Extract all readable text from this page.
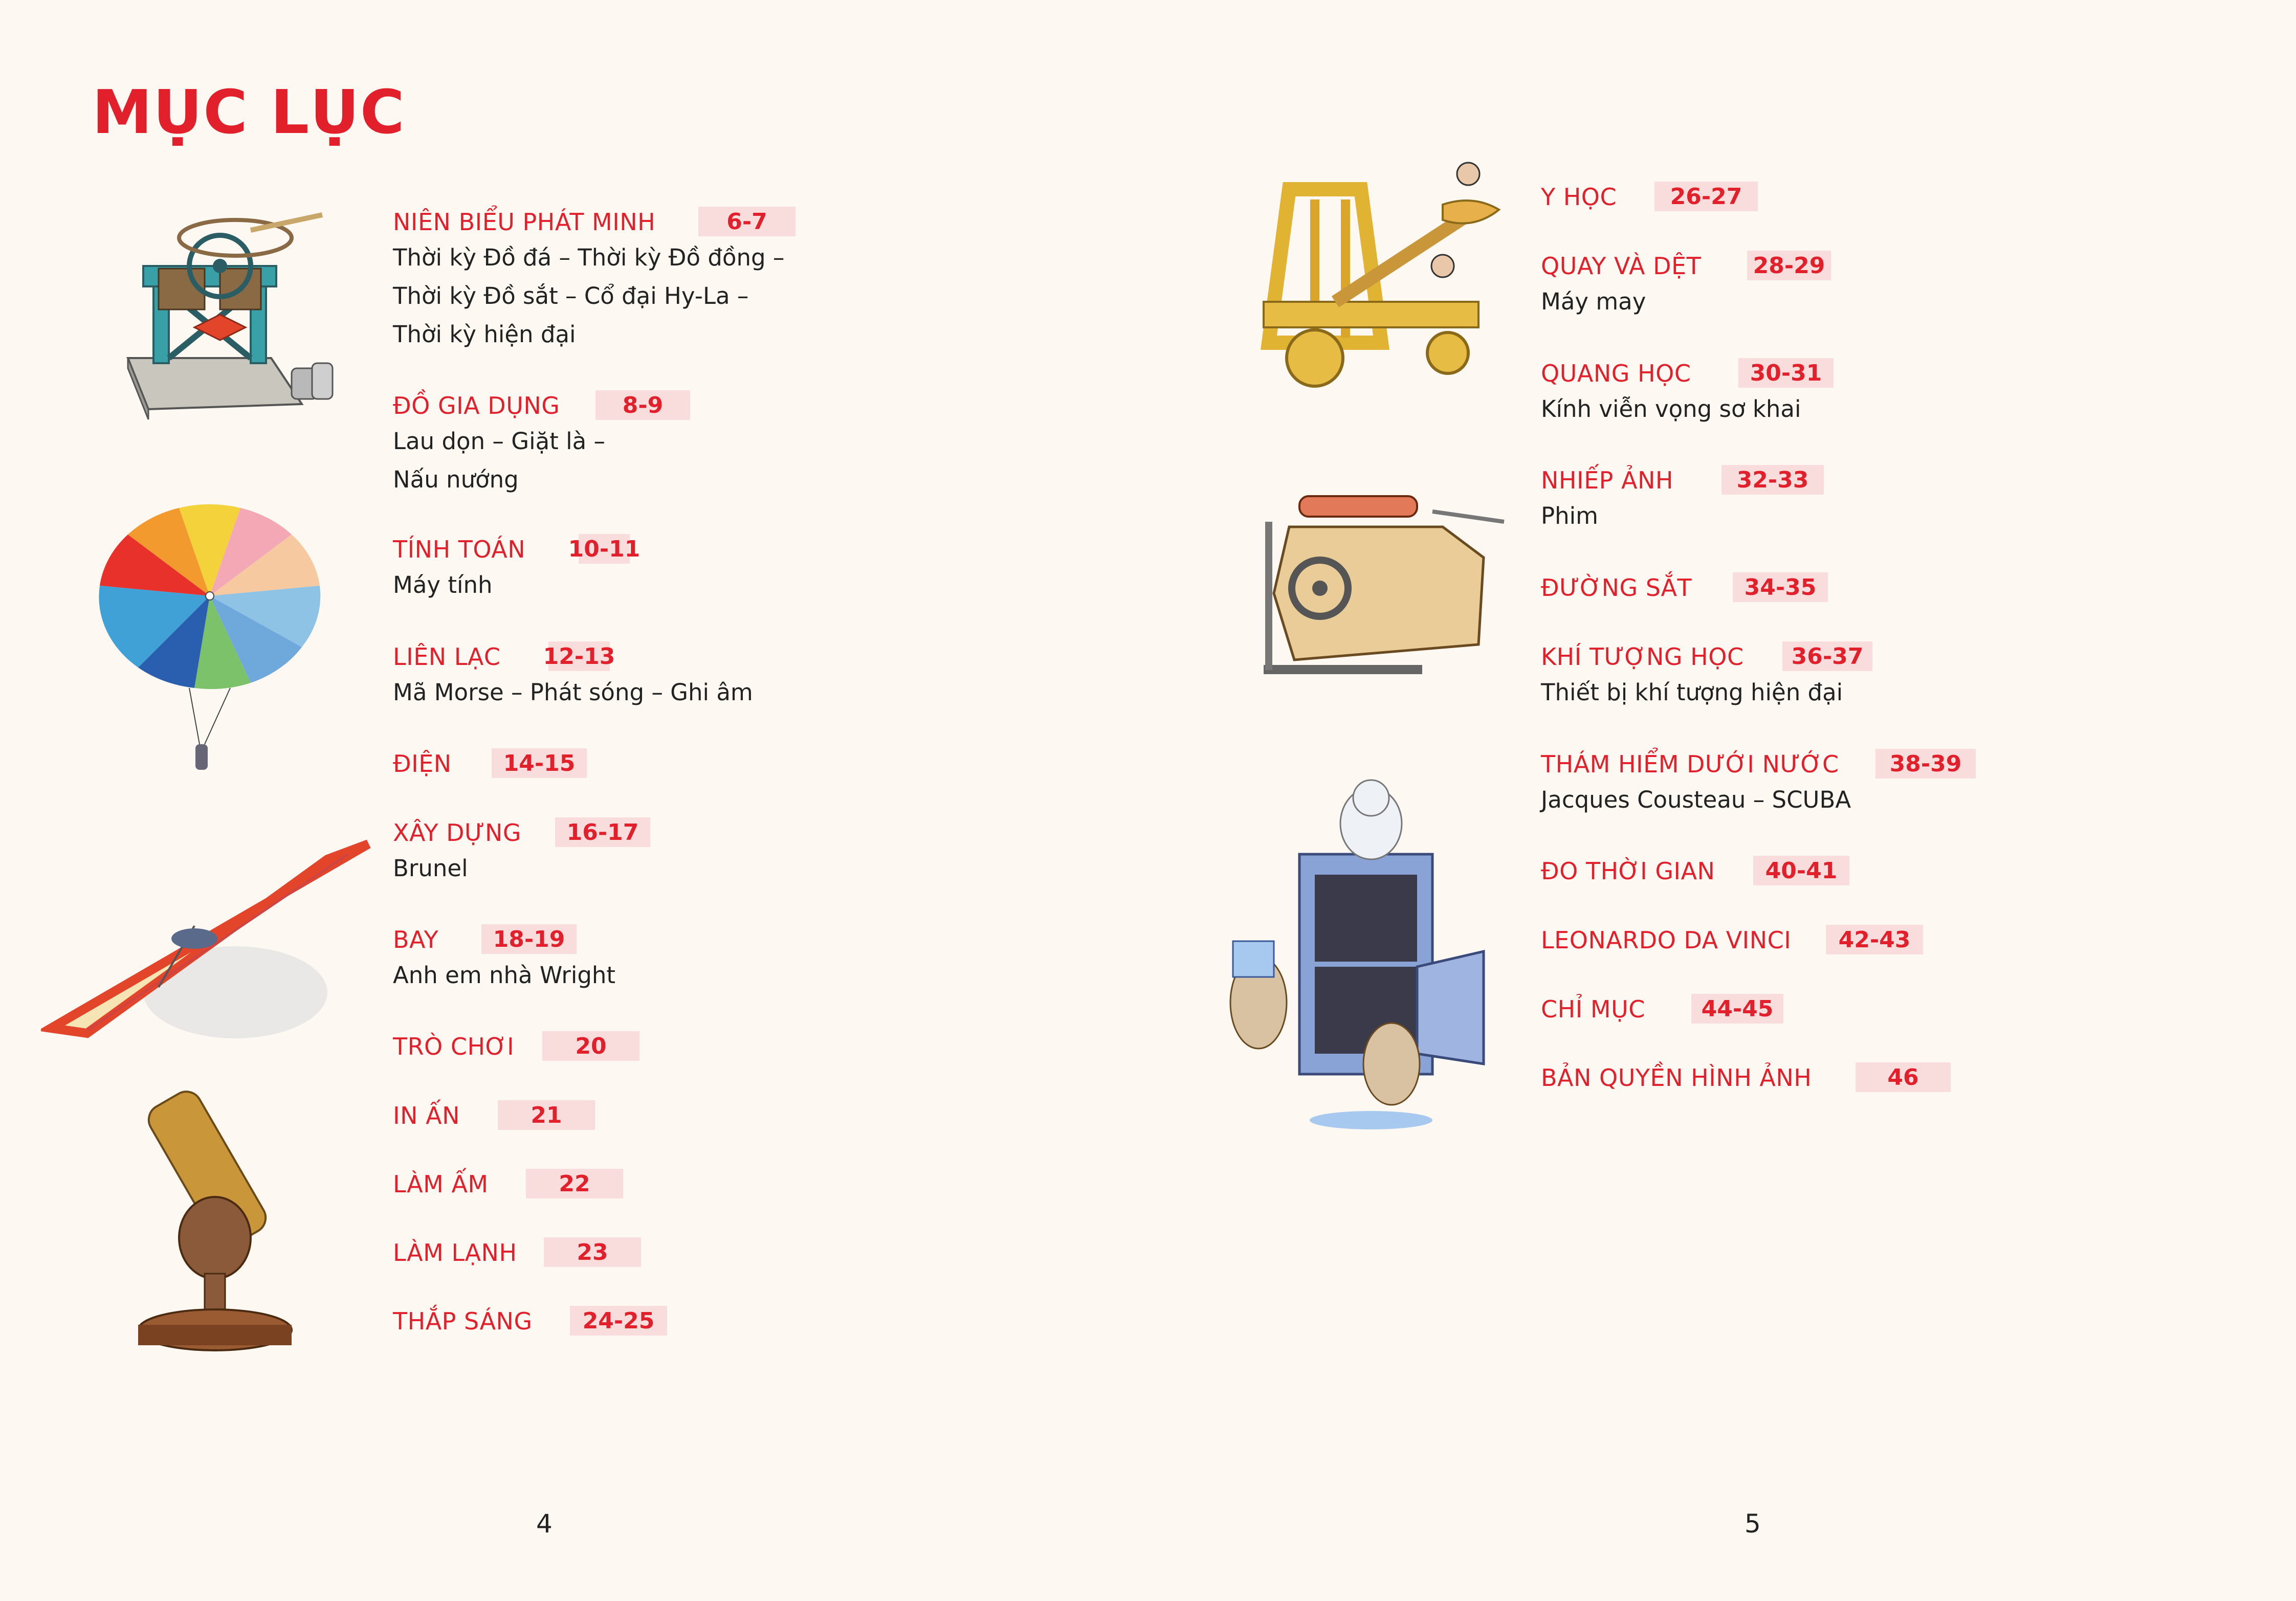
MỤC LỤC
NIÊN BIỂU PHÁT MINH	6-7
Thời kỳ Đồ đá – Thời kỳ Đồ đồng –
Thời kỳ Đồ sắt – Cổ đại Hy-La –
Thời kỳ hiện đại
ĐỒ GIA DỤNG	8-9
Lau dọn – Giặt là –
Nấu nướng
TÍNH TOÁN 10-11
Máy tính
LIÊN LẠC 12-13
Mã Morse – Phát sóng – Ghi âm
ĐIỆN	14-15
XÂY DỰNG	16-17
Brunel
BAY	18-19
Anh em nhà Wright
TRÒ CHƠI	20
IN ẤN	21
LÀM ẤM	22
LÀM LẠNH	23
THẮP SÁNG	24-25
Y HỌC	26-27
QUAY VÀ DỆT 28-29
Máy may
QUANG HỌC	30-31
Kính viễn vọng sơ khai
NHIẾP ẢNH	32-33
Phim
ĐƯỜNG SẮT	34-35
KHÍ TƯỢNG HỌC	36-37
Thiết bị khí tượng hiện đại
THÁM HIỂM DƯỚI NƯỚC	38-39
Jacques Cousteau – SCUBA
ĐO THỜI GIAN	40-41
LEONARDO DA VINCI	42-43
CHỈ MỤC	44-45
BẢN QUYỀN HÌNH ẢNH	46
4	5
